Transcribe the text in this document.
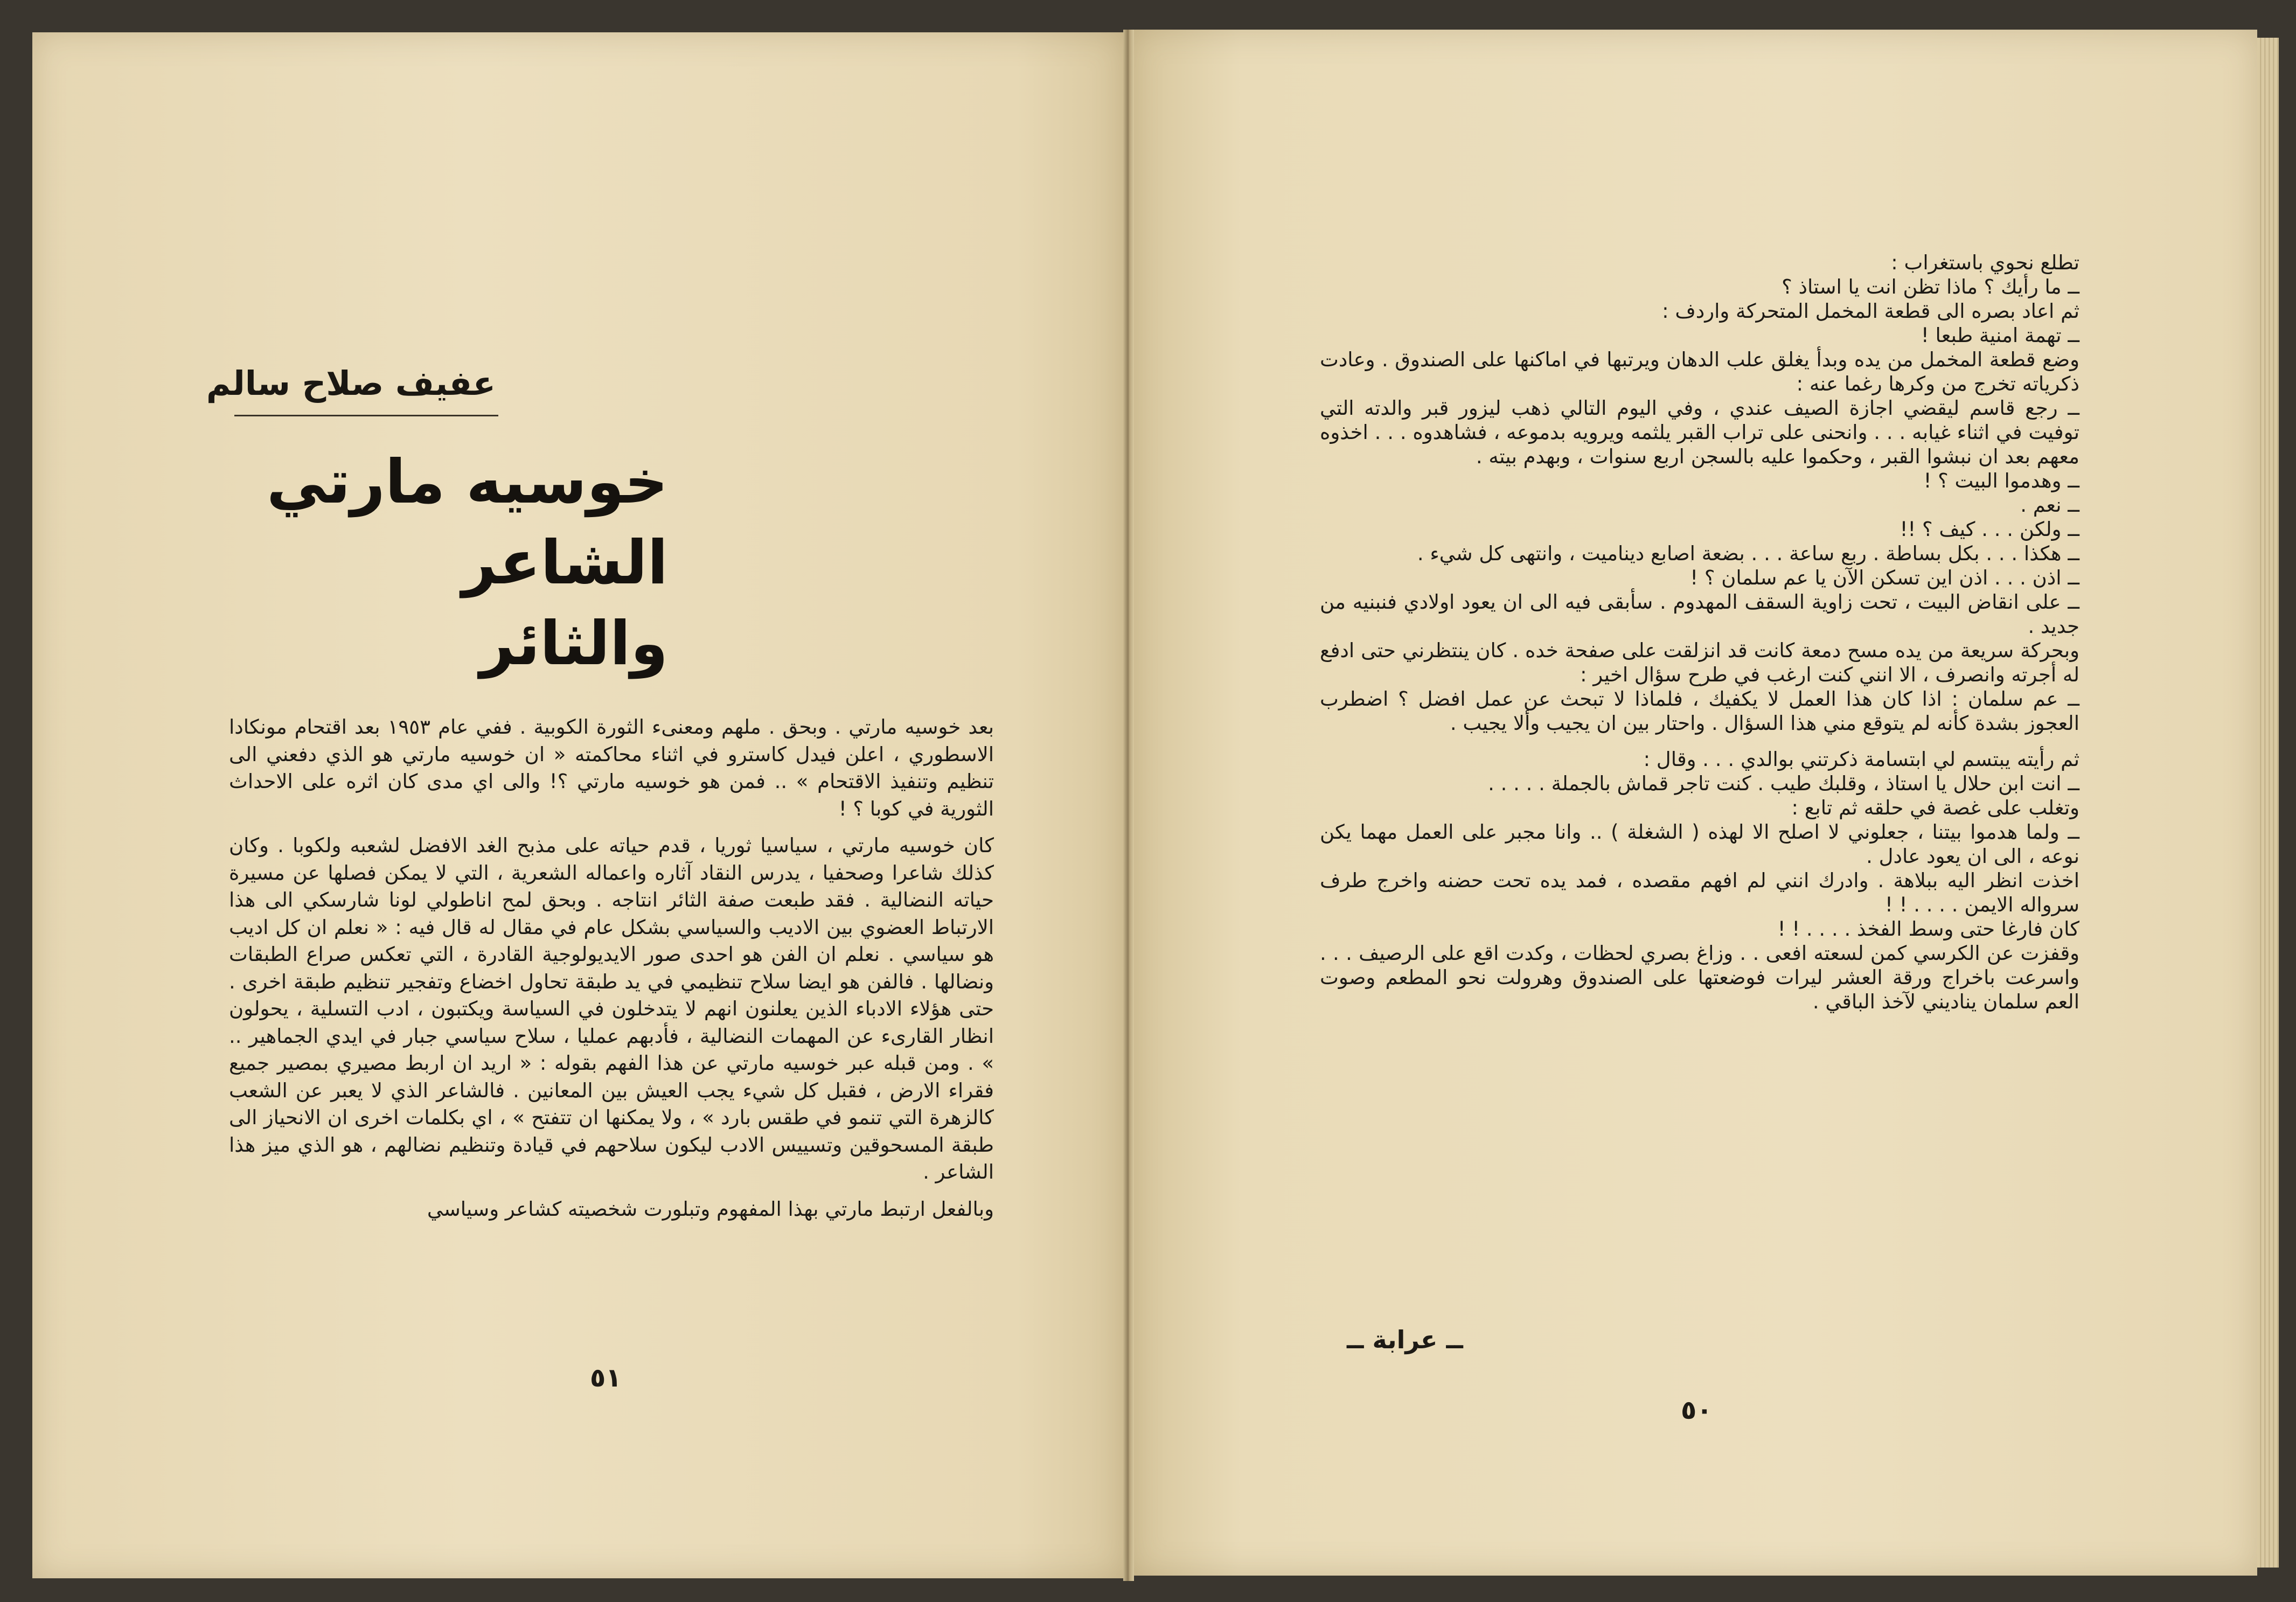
عفيف صلاح سالم
خوسيه مارتي الشاعر
والثائر

بعد خوسيه مارتي . وبحق . ملهم ومعنىء الثورة الكوبية . ففي عام ١٩٥٣ بعد اقتحام مونكادا الاسطوري ، اعلن فيدل كاسترو في اثناء محاكمته « ان خوسيه مارتي هو الذي دفعني الى تنظيم وتنفيذ الاقتحام » .. فمن هو خوسيه مارتي ؟! والى اي مدى كان اثره على الاحداث الثورية في كوبا ؟ !

كان خوسيه مارتي ، سياسيا ثوريا ، قدم حياته على مذبح الغد الافضل لشعبه ولكوبا . وكان كذلك شاعرا وصحفيا ، يدرس النقاد آثاره واعماله الشعرية ، التي لا يمكن فصلها عن مسيرة حياته النضالية . فقد طبعت صفة الثائر انتاجه . وبحق لمح اناطولي لونا شارسكي الى هذا الارتباط العضوي بين الاديب والسياسي بشكل عام في مقال له قال فيه : « نعلم ان كل اديب هو سياسي . نعلم ان الفن هو احدى صور الايديولوجية القادرة ، التي تعكس صراع الطبقات ونضالها . فالفن هو ايضا سلاح تنظيمي في يد طبقة تحاول اخضاع وتفجير تنظيم طبقة اخرى . حتى هؤلاء الادباء الذين يعلنون انهم لا يتدخلون في السياسة ويكتبون ، ادب التسلية ، يحولون انظار القارىء عن المهمات النضالية ، فأدبهم عمليا ، سلاح سياسي جبار في ايدي الجماهير .. » . ومن قبله عبر خوسيه مارتي عن هذا الفهم بقوله : « اريد ان اربط مصيري بمصير جميع فقراء الارض ، فقبل كل شيء يجب العيش بين المعانين . فالشاعر الذي لا يعبر عن الشعب كالزهرة التي تنمو في طقس بارد » ، ولا يمكنها ان تتفتح » ، اي بكلمات اخرى ان الانحياز الى طبقة المسحوقين وتسييس الادب ليكون سلاحهم في قيادة وتنظيم نضالهم ، هو الذي ميز هذا الشاعر .

وبالفعل ارتبط مارتي بهذا المفهوم وتبلورت شخصيته كشاعر وسياسي

٥١

تطلع نحوي باستغراب :

ــ ما رأيك ؟ ماذا تظن انت يا استاذ ؟

ثم اعاد بصره الى قطعة المخمل المتحركة واردف :

ــ تهمة امنية طبعا !

وضع قطعة المخمل من يده وبدأ يغلق علب الدهان ويرتبها في اماكنها على الصندوق . وعادت ذكرياته تخرج من وكرها رغما عنه :

ــ رجع قاسم ليقضي اجازة الصيف عندي ، وفي اليوم التالي ذهب ليزور قبر والدته التي توفيت في اثناء غيابه . . . وانحنى على تراب القبر يلثمه ويرويه بدموعه ، فشاهدوه . . . اخذوه معهم بعد ان نبشوا القبر ، وحكموا عليه بالسجن اربع سنوات ، وبهدم بيته .

ــ وهدموا البيت ؟ !

ــ نعم .

ــ ولكن . . . كيف ؟ !!

ــ هكذا . . . بكل بساطة . ربع ساعة . . . بضعة اصابع ديناميت ، وانتهى كل شيء .

ــ اذن . . . اذن اين تسكن الآن يا عم سلمان ؟ !

ــ على انقاض البيت ، تحت زاوية السقف المهدوم . سأبقى فيه الى ان يعود اولادي فنبنيه من جديد .

وبحركة سريعة من يده مسح دمعة كانت قد انزلقت على صفحة خده . كان ينتظرني حتى ادفع له أجرته وانصرف ، الا انني كنت ارغب في طرح سؤال اخير :

ــ عم سلمان : اذا كان هذا العمل لا يكفيك ، فلماذا لا تبحث عن عمل افضل ؟ اضطرب العجوز بشدة كأنه لم يتوقع مني هذا السؤال . واحتار بين ان يجيب وألا يجيب .

ثم رأيته يبتسم لي ابتسامة ذكرتني بوالدي . . . وقال :

ــ انت ابن حلال يا استاذ ، وقلبك طيب . كنت تاجر قماش بالجملة . . . . .

وتغلب على غصة في حلقه ثم تابع :

ــ ولما هدموا بيتنا ، جعلوني لا اصلح الا لهذه ( الشغلة ) .. وانا مجبر على العمل مهما يكن نوعه ، الى ان يعود عادل .

اخذت انظر اليه ببلاهة . وادرك انني لم افهم مقصده ، فمد يده تحت حضنه واخرج طرف سرواله الايمن . . . . ! !

كان فارغا حتى وسط الفخذ . . . . ! !

وقفزت عن الكرسي كمن لسعته افعى . . وزاغ بصري لحظات ، وكدت اقع على الرصيف . . . واسرعت باخراج ورقة العشر ليرات فوضعتها على الصندوق وهرولت نحو المطعم وصوت العم سلمان يناديني لآخذ الباقي .

ــ عرابة ــ
٥٠
